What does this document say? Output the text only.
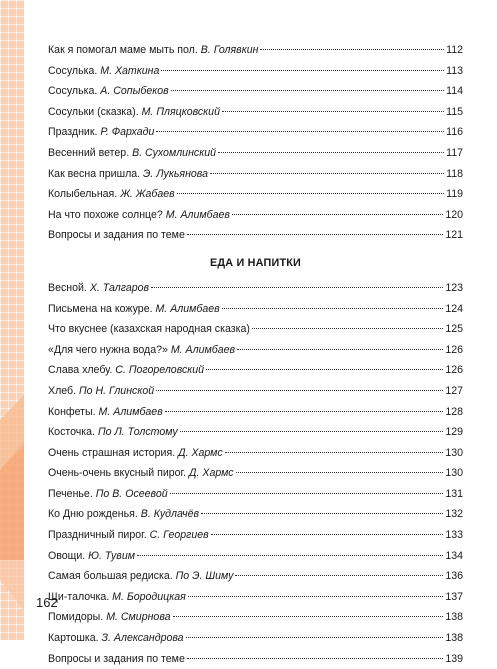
Как я помогал маме мыть пол. В. Голявкин	112
Сосулька. М. Хаткина	113
Сосулька. А. Сопыбеков	114
Сосульки (сказка). М. Пляцковский	115
Праздник. Р. Фархади	116
Весенний ветер. В. Сухомлинский	117
Как весна пришла. Э. Лукьянова	118
Колыбельная. Ж. Жабаев	119
На что похоже солнце? М. Алимбаев	120
Вопросы и задания по теме	121
ЕДА И НАПИТКИ
Весной. Х. Талгаров	123
Письмена на кожуре. М. Алимбаев	124
Что вкуснее (казахская народная сказка)	125
«Для чего нужна вода?» М. Алимбаев	126
Слава хлебу. С. Погореловский	126
Хлеб. По Н. Глинской	127
Конфеты. М. Алимбаев	128
Косточка. По Л. Толстому	129
Очень страшная история. Д. Хармс	130
Очень-очень вкусный пирог. Д. Хармс	130
Печенье. По В. Осеевой	131
Ко Дню рожденья. В. Кудлачёв	132
Праздничный пирог. С. Георгиев	133
Овощи. Ю. Тувим	134
Самая большая редиска. По Э. Шиму	136
Щи-талочка. М. Бородицкая	137
Помидоры. М. Смирнова	138
Картошка. З. Александрова	138
Вопросы и задания по теме	139
162
